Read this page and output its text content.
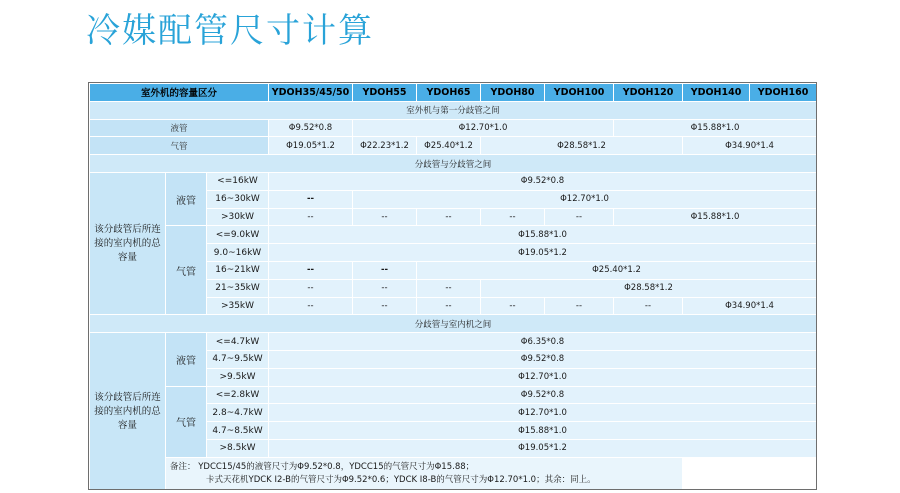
冷媒配管尺寸计算
室外机的容量区分			YDOH35/45/50	YDOH55	YDOH65	YDOH80	YDOH100	YDOH120	YDOH140	YDOH160
室外机与第一分歧管之间										
液管			Φ9.52*0.8	Φ12.70*1.0				Φ15.88*1.0		
气管			Φ19.05*1.2	Φ22.23*1.2	Φ25.40*1.2	Φ28.58*1.2			Φ34.90*1.4	
分歧管与分歧管之间										
该分歧管后所连接的室内机的总容量	液管	<=16kW	Φ9.52*0.8							
		16~30kW	--	Φ12.70*1.0						
		>30kW	--	--	--	--	--	Φ15.88*1.0		
	气管	<=9.0kW	Φ15.88*1.0							
		9.0~16kW	Φ19.05*1.2							
		16~21kW	--	--	Φ25.40*1.2					
		21~35kW	--	--	--	Φ28.58*1.2				
		>35kW	--	--	--	--	--	--	Φ34.90*1.4	
分歧管与室内机之间										
该分歧管后所连接的室内机的总容量	液管	<=4.7kW	Φ6.35*0.8							
		4.7~9.5kW	Φ9.52*0.8							
		>9.5kW	Φ12.70*1.0							
	气管	<=2.8kW	Φ9.52*0.8							
		2.8~4.7kW	Φ12.70*1.0							
		4.7~8.5kW	Φ15.88*1.0							
		>8.5kW	Φ19.05*1.2							

	备注： YDCC15/45的液管尺寸为Φ9.52*0.8，YDCC15的气管尺寸为Φ15.88；
卡式天花机YDCK I2-B的气管尺寸为Φ9.52*0.6；YDCK I8-B的气管尺寸为Φ12.70*1.0；其余：同上。									
